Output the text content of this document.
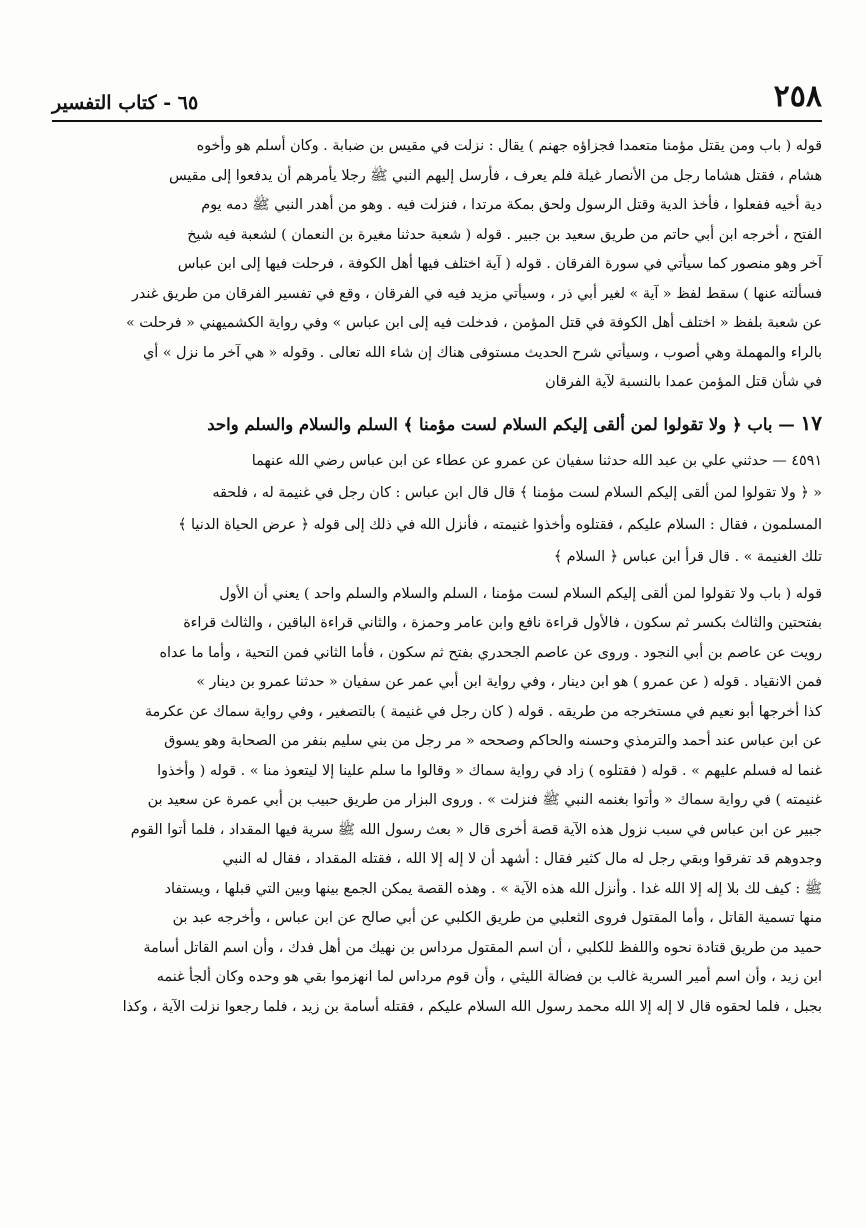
٢٥٨
٦٥ - كتاب التفسير

قوله ( باب ومن يقتل مؤمنا متعمدا فجزاؤه جهنم ) يقال : نزلت في مقيس بن ضبابة . وكان أسلم هو وأخوه

هشام ، فقتل هشاما رجل من الأنصار غيلة فلم يعرف ، فأرسل إليهم النبي ﷺ رجلا يأمرهم أن يدفعوا إلى مقيس

دية أخيه ففعلوا ، فأخذ الدية وقتل الرسول ولحق بمكة مرتدا ، فنزلت فيه . وهو من أهدر النبي ﷺ دمه يوم

الفتح ، أخرجه ابن أبي حاتم من طريق سعيد بن جبير . قوله ( شعبة حدثنا مغيرة بن النعمان ) لشعبة فيه شيخ

آخر وهو منصور كما سيأتي في سورة الفرقان . قوله ( آية اختلف فيها أهل الكوفة ، فرحلت فيها إلى ابن عباس

فسألته عنها ) سقط لفظ « آية » لغير أبي ذر ، وسيأتي مزيد فيه في الفرقان ، وقع في تفسير الفرقان من طريق غندر

عن شعبة بلفظ « اختلف أهل الكوفة في قتل المؤمن ، فدخلت فيه إلى ابن عباس » وفي رواية الكشميهني « فرحلت »

بالراء والمهملة وهي أصوب ، وسيأتي شرح الحديث مستوفى هناك إن شاء الله تعالى . وقوله « هي آخر ما نزل » أي

في شأن قتل المؤمن عمدا بالنسبة لآية الفرقان

١٧ — باب ﴿ ولا تقولوا لمن ألقى إليكم السلام لست مؤمنا ﴾ السلم والسلام والسلم واحد

٤٥٩١ — حدثني علي بن عبد الله حدثنا سفيان عن عمرو عن عطاء عن ابن عباس رضي الله عنهما

« ﴿ ولا تقولوا لمن ألقى إليكم السلام لست مؤمنا ﴾ قال قال ابن عباس : كان رجل في غنيمة له ، فلحقه

المسلمون ، فقال : السلام عليكم ، فقتلوه وأخذوا غنيمته ، فأنزل الله في ذلك إلى قوله ﴿ عرض الحياة الدنيا ﴾

تلك الغنيمة » . قال قرأ ابن عباس ﴿ السلام ﴾

قوله ( باب ولا تقولوا لمن ألقى إليكم السلام لست مؤمنا ، السلم والسلام والسلم واحد ) يعني أن الأول

بفتحتين والثالث بكسر ثم سكون ، فالأول قراءة نافع وابن عامر وحمزة ، والثاني قراءة الباقين ، والثالث قراءة

رويت عن عاصم بن أبي النجود . وروى عن عاصم الجحدري بفتح ثم سكون ، فأما الثاني فمن التحية ، وأما ما عداه

فمن الانقياد . قوله ( عن عمرو ) هو ابن دينار ، وفي رواية ابن أبي عمر عن سفيان « حدثنا عمرو بن دينار »

كذا أخرجها أبو نعيم في مستخرجه من طريقه . قوله ( كان رجل في غنيمة ) بالتصغير ، وفي رواية سماك عن عكرمة

عن ابن عباس عند أحمد والترمذي وحسنه والحاكم وصححه « مر رجل من بني سليم بنفر من الصحابة وهو يسوق

غنما له فسلم عليهم » . قوله ( فقتلوه ) زاد في رواية سماك « وقالوا ما سلم علينا إلا ليتعوذ منا » . قوله ( وأخذوا

غنيمته ) في رواية سماك « وأتوا بغنمه النبي ﷺ فنزلت » . وروى البزار من طريق حبيب بن أبي عمرة عن سعيد بن

جبير عن ابن عباس في سبب نزول هذه الآية قصة أخرى قال « بعث رسول الله ﷺ سرية فيها المقداد ، فلما أتوا القوم

وجدوهم قد تفرقوا وبقي رجل له مال كثير فقال : أشهد أن لا إله إلا الله ، فقتله المقداد ، فقال له النبي

ﷺ : كيف لك بلا إله إلا الله غدا . وأنزل الله هذه الآية » . وهذه القصة يمكن الجمع بينها وبين التي قبلها ، ويستفاد

منها تسمية القاتل ، وأما المقتول فروى الثعلبي من طريق الكلبي عن أبي صالح عن ابن عباس ، وأخرجه عبد بن

حميد من طريق قتادة نحوه واللفظ للكلبي ، أن اسم المقتول مرداس بن نهيك من أهل فدك ، وأن اسم القاتل أسامة

ابن زيد ، وأن اسم أمير السرية غالب بن فضالة الليثي ، وأن قوم مرداس لما انهزموا بقي هو وحده وكان ألجأ غنمه

بجبل ، فلما لحقوه قال لا إله إلا الله محمد رسول الله السلام عليكم ، فقتله أسامة بن زيد ، فلما رجعوا نزلت الآية ، وكذا
